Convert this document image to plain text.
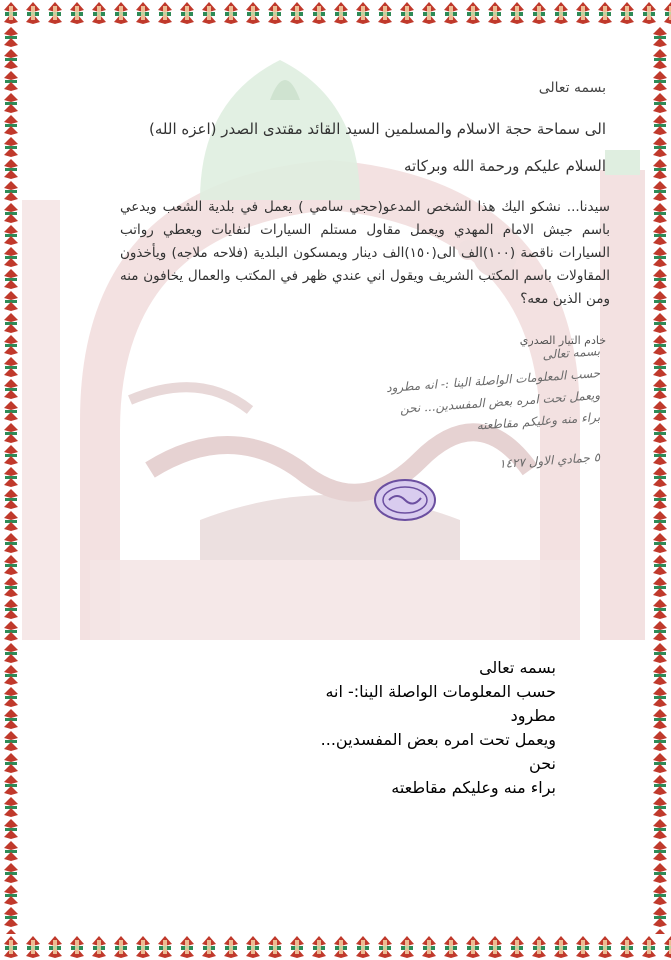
بسمه تعالى
الى سماحة حجة الاسلام والمسلمين السيد القائد مقتدى الصدر (اعزه الله)
السلام عليكم ورحمة الله وبركاته
سيدنا... نشكو اليك هذا الشخص المدعو(حجي سامي ) يعمل في بلدية الشعب ويدعي باسم جيش الامام المهدي ويعمل مقاول مستلم السيارات لنفايات ويعطي رواتب السيارات ناقصة (١٠٠)الف الى(١٥٠)الف دينار ويمسكون البلدية (فلاحه ملاجه) ويأخذون المقاولات باسم المكتب الشريف ويقول اني عندي ظهر في المكتب والعمال يخافون منه ومن الذين معه؟
خادم التيار الصدري
بسمه تعالى
حسب المعلومات الواصلة الينا :- انه مطرود
ويعمل تحت امره بعض المفسدين... نحن
براء منه وعليكم مقاطعته
٥ جمادي الاول ١٤٢٧
بسمه تعالى
حسب المعلومات الواصلة الينا:- انه مطرود
ويعمل تحت امره بعض المفسدين... نحن
براء منه وعليكم مقاطعته
